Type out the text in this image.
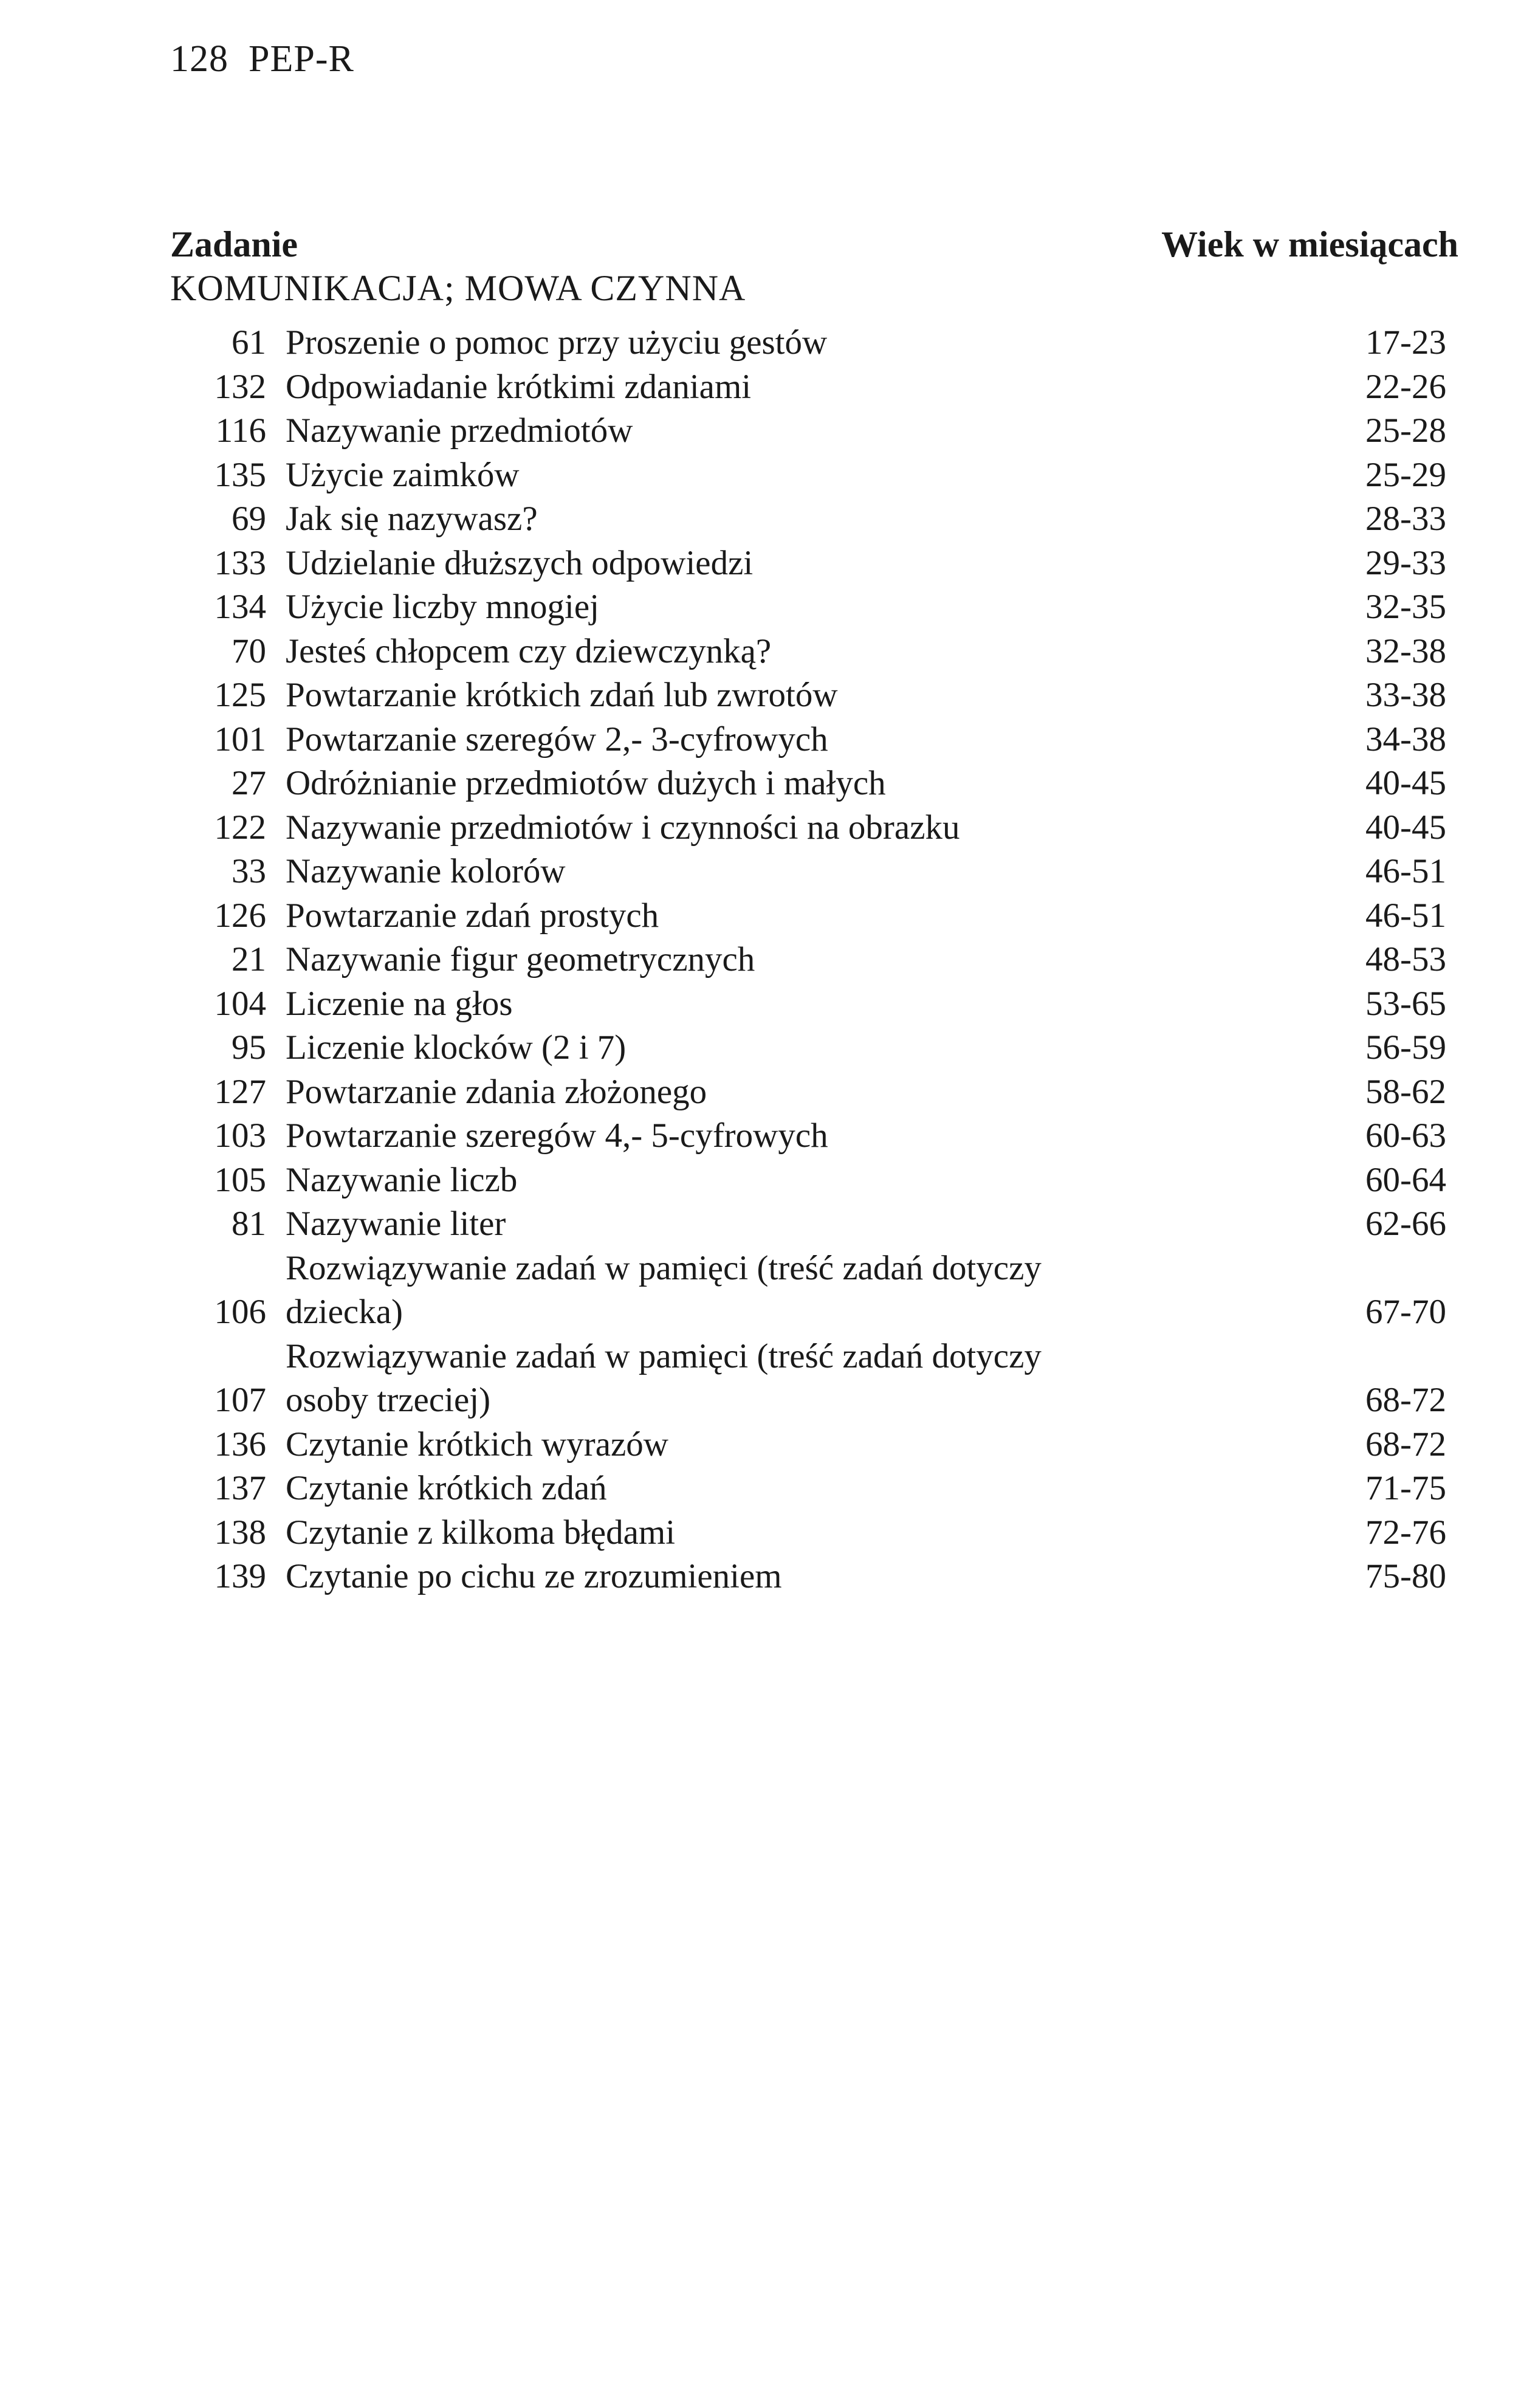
128 PEP-R
Zadanie	Wiek w miesiącach
KOMUNIKACJA; MOWA CZYNNA
61 Proszenie o pomoc przy użyciu gestów	17-23
132 Odpowiadanie krótkimi zdaniami	22-26
116 Nazywanie przedmiotów	25-28
135 Użycie zaimków	25-29
69 Jak się nazywasz?	28-33
133 Udzielanie dłuższych odpowiedzi	29-33
134 Użycie liczby mnogiej	32-35
70 Jesteś chłopcem czy dziewczynką?	32-38
125 Powtarzanie krótkich zdań lub zwrotów	33-38
101 Powtarzanie szeregów 2,- 3-cyfrowych	34-38
27 Odróżnianie przedmiotów dużych i małych	40-45
122 Nazywanie przedmiotów i czynności na obrazku	40-45
33 Nazywanie kolorów	46-51
126 Powtarzanie zdań prostych	46-51
21 Nazywanie figur geometrycznych	48-53
104 Liczenie na głos	53-65
95 Liczenie klocków (2 i 7)	56-59
127 Powtarzanie zdania złożonego	58-62
103 Powtarzanie szeregów 4,- 5-cyfrowych	60-63
105 Nazywanie liczb	60-64
81 Nazywanie liter	62-66
106
Rozwiązywanie zadań w pamięci (treść zadań dotyczy
dziecka)	67-70
107
Rozwiązywanie zadań w pamięci (treść zadań dotyczy
osoby trzeciej)	68-72
136 Czytanie krótkich wyrazów	68-72
137 Czytanie krótkich zdań	71-75
138 Czytanie z kilkoma błędami	72-76
139 Czytanie po cichu ze zrozumieniem	75-80
